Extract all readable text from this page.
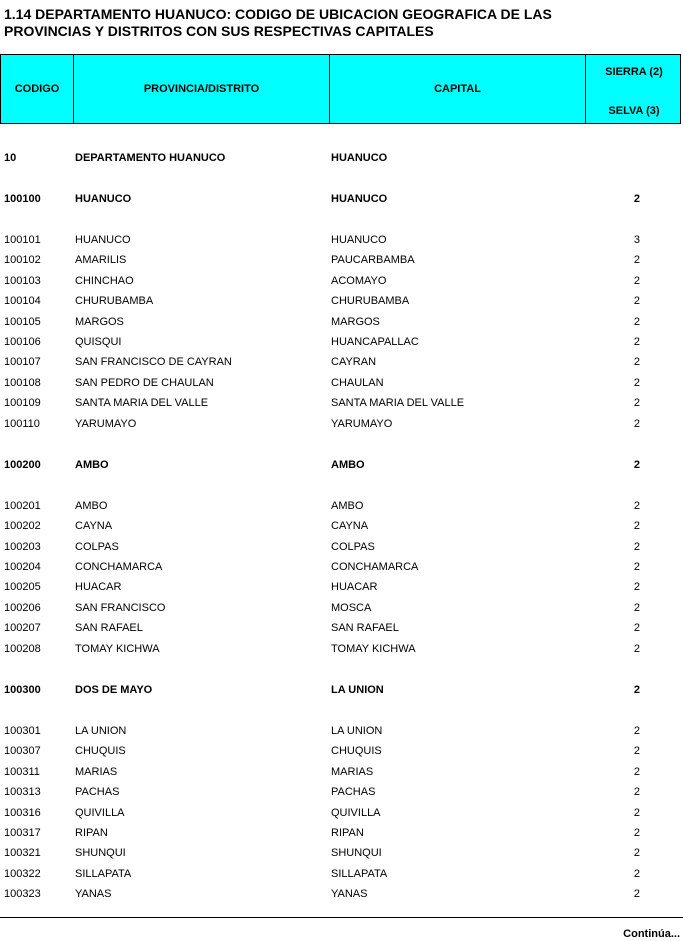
1.14 DEPARTAMENTO HUANUCO: CODIGO DE UBICACION GEOGRAFICA DE LAS
PROVINCIAS Y DISTRITOS CON SUS RESPECTIVAS CAPITALES
CODIGO	PROVINCIA/DISTRITO	CAPITAL
SIERRA (2)
SELVA (3)
10	DEPARTAMENTO HUANUCO	HUANUCO
100100	HUANUCO	HUANUCO	2
100101	HUANUCO	HUANUCO	3
100102	AMARILIS	PAUCARBAMBA	2
100103	CHINCHAO	ACOMAYO	2
100104	CHURUBAMBA	CHURUBAMBA	2
100105	MARGOS	MARGOS	2
100106	QUISQUI	HUANCAPALLAC	2
100107	SAN FRANCISCO DE CAYRAN	CAYRAN	2
100108	SAN PEDRO DE CHAULAN	CHAULAN	2
100109	SANTA MARIA DEL VALLE	SANTA MARIA DEL VALLE	2
100110	YARUMAYO	YARUMAYO	2
100200	AMBO	AMBO	2
100201	AMBO	AMBO	2
100202	CAYNA	CAYNA	2
100203	COLPAS	COLPAS	2
100204	CONCHAMARCA	CONCHAMARCA	2
100205	HUACAR	HUACAR	2
100206	SAN FRANCISCO	MOSCA	2
100207	SAN RAFAEL	SAN RAFAEL	2
100208	TOMAY KICHWA	TOMAY KICHWA	2
100300	DOS DE MAYO	LA UNION	2
100301	LA UNION	LA UNION	2
100307	CHUQUIS	CHUQUIS	2
100311	MARIAS	MARIAS	2
100313	PACHAS	PACHAS	2
100316	QUIVILLA	QUIVILLA	2
100317	RIPAN	RIPAN	2
100321	SHUNQUI	SHUNQUI	2
100322	SILLAPATA	SILLAPATA	2
100323	YANAS	YANAS	2
Continúa...
